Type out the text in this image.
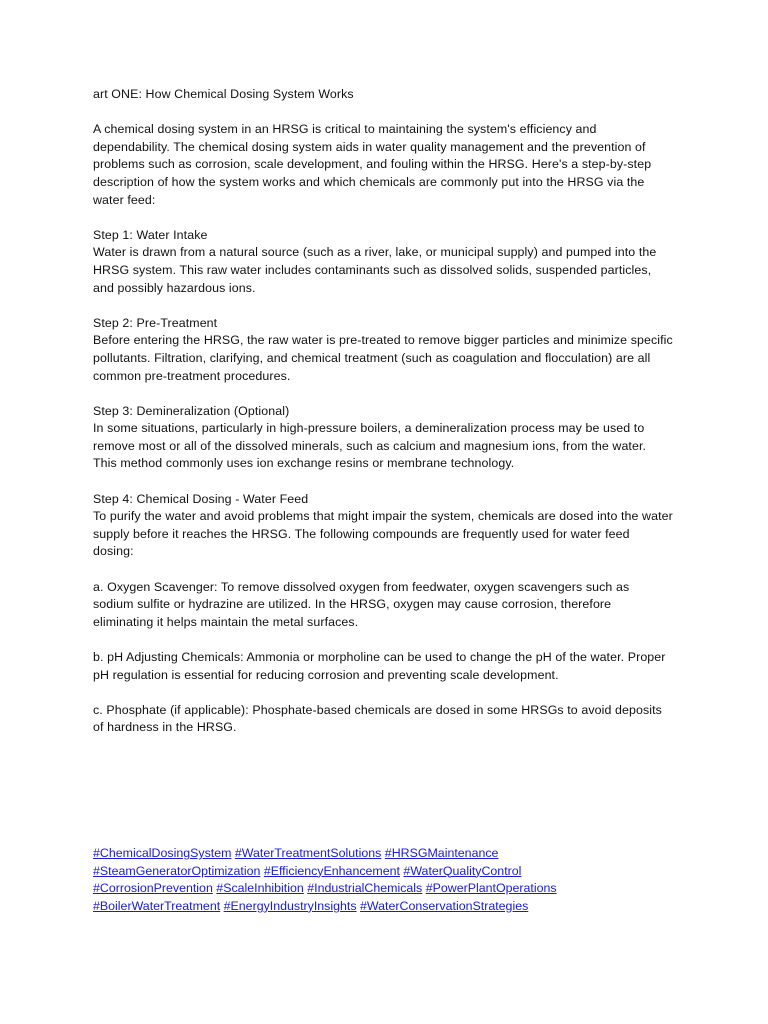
art ONE: How Chemical Dosing System Works

A chemical dosing system in an HRSG is critical to maintaining the system's efficiency and dependability. The chemical dosing system aids in water quality management and the prevention of problems such as corrosion, scale development, and fouling within the HRSG. Here's a step-by-step description of how the system works and which chemicals are commonly put into the HRSG via the water feed:

Step 1: Water Intake

Water is drawn from a natural source (such as a river, lake, or municipal supply) and pumped into the HRSG system. This raw water includes contaminants such as dissolved solids, suspended particles, and possibly hazardous ions.

Step 2: Pre-Treatment

Before entering the HRSG, the raw water is pre-treated to remove bigger particles and minimize specific pollutants. Filtration, clarifying, and chemical treatment (such as coagulation and flocculation) are all common pre-treatment procedures.

Step 3: Demineralization (Optional)

In some situations, particularly in high-pressure boilers, a demineralization process may be used to remove most or all of the dissolved minerals, such as calcium and magnesium ions, from the water. This method commonly uses ion exchange resins or membrane technology.

Step 4: Chemical Dosing - Water Feed

To purify the water and avoid problems that might impair the system, chemicals are dosed into the water supply before it reaches the HRSG. The following compounds are frequently used for water feed dosing:

a. Oxygen Scavenger: To remove dissolved oxygen from feedwater, oxygen scavengers such as sodium sulfite or hydrazine are utilized. In the HRSG, oxygen may cause corrosion, therefore eliminating it helps maintain the metal surfaces.

b. pH Adjusting Chemicals: Ammonia or morpholine can be used to change the pH of the water. Proper pH regulation is essential for reducing corrosion and preventing scale development.

c. Phosphate (if applicable): Phosphate-based chemicals are dosed in some HRSGs to avoid deposits of hardness in the HRSG.

#ChemicalDosingSystem #WaterTreatmentSolutions #HRSGMaintenance
#SteamGeneratorOptimization #EfficiencyEnhancement #WaterQualityControl
#CorrosionPrevention #ScaleInhibition #IndustrialChemicals #PowerPlantOperations
#BoilerWaterTreatment #EnergyIndustryInsights #WaterConservationStrategies
